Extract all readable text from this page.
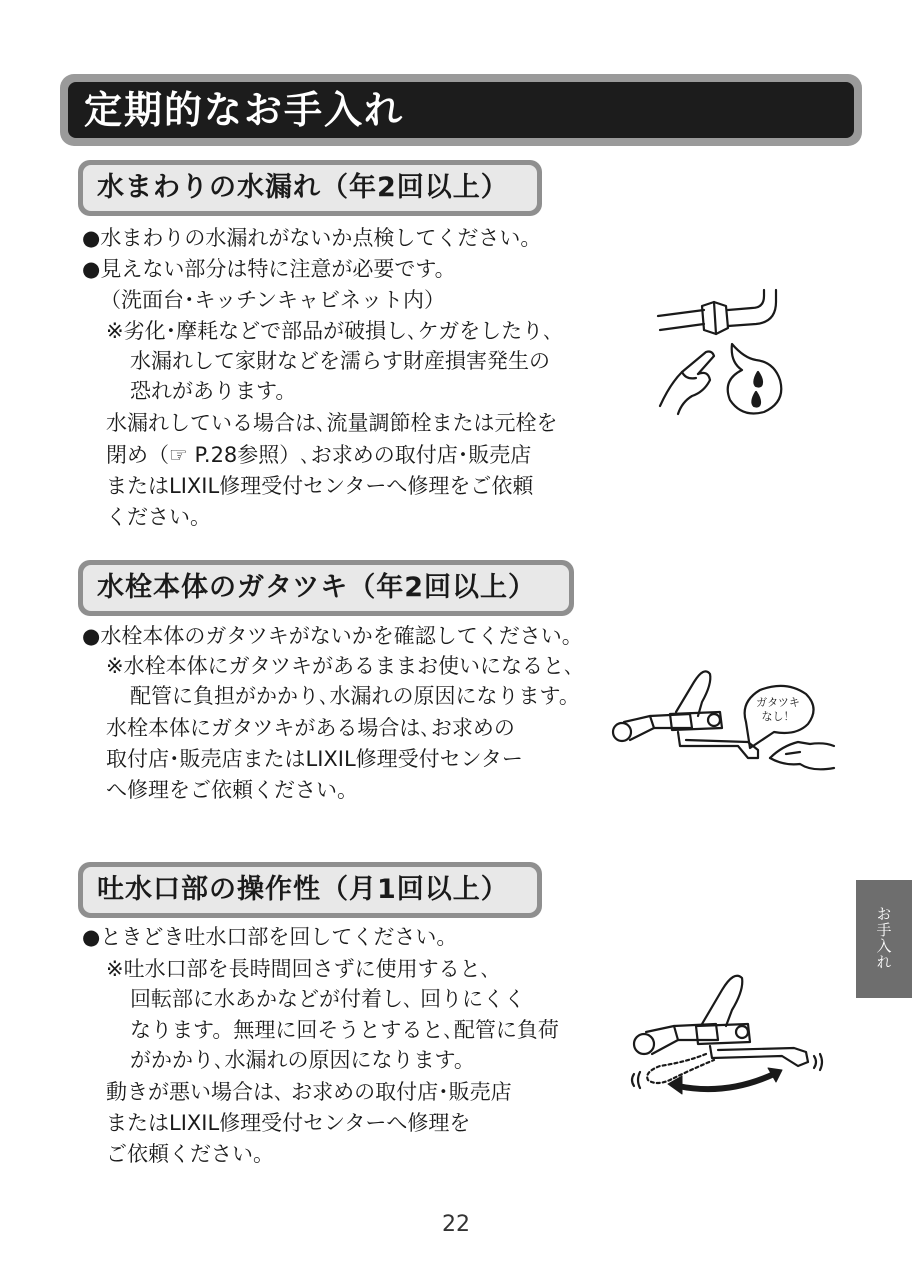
定期的なお手入れ
水まわりの水漏れ（年2回以上）
●水まわりの水漏れがないか点検してください。
●見えない部分は特に注意が必要です。
（洗面台･キッチンキャビネット内）
※劣化･摩耗などで部品が破損し､ケガをしたり､
水漏れして家財などを濡らす財産損害発生の
恐れがあります。
水漏れしている場合は､流量調節栓または元栓を
閉め（☞ P.28参照）､お求めの取付店･販売店
またはLIXIL修理受付センターへ修理をご依頼
ください。
水栓本体のガタツキ（年2回以上）
●水栓本体のガタツキがないかを確認してください。
※水栓本体にガタツキがあるままお使いになると､
配管に負担がかかり､水漏れの原因になります。
水栓本体にガタツキがある場合は､お求めの
取付店･販売店またはLIXIL修理受付センター
へ修理をご依頼ください。
ガタツキ
なし！
吐水口部の操作性（月1回以上）
●ときどき吐水口部を回してください。
※吐水口部を長時間回さずに使用すると､
回転部に水あかなどが付着し､ 回りにくく
なります。無理に回そうとすると､配管に負荷
がかかり､水漏れの原因になります。
動きが悪い場合は､ お求めの取付店･販売店
またはLIXIL修理受付センターへ修理を
ご依頼ください。
お手入れ
22
